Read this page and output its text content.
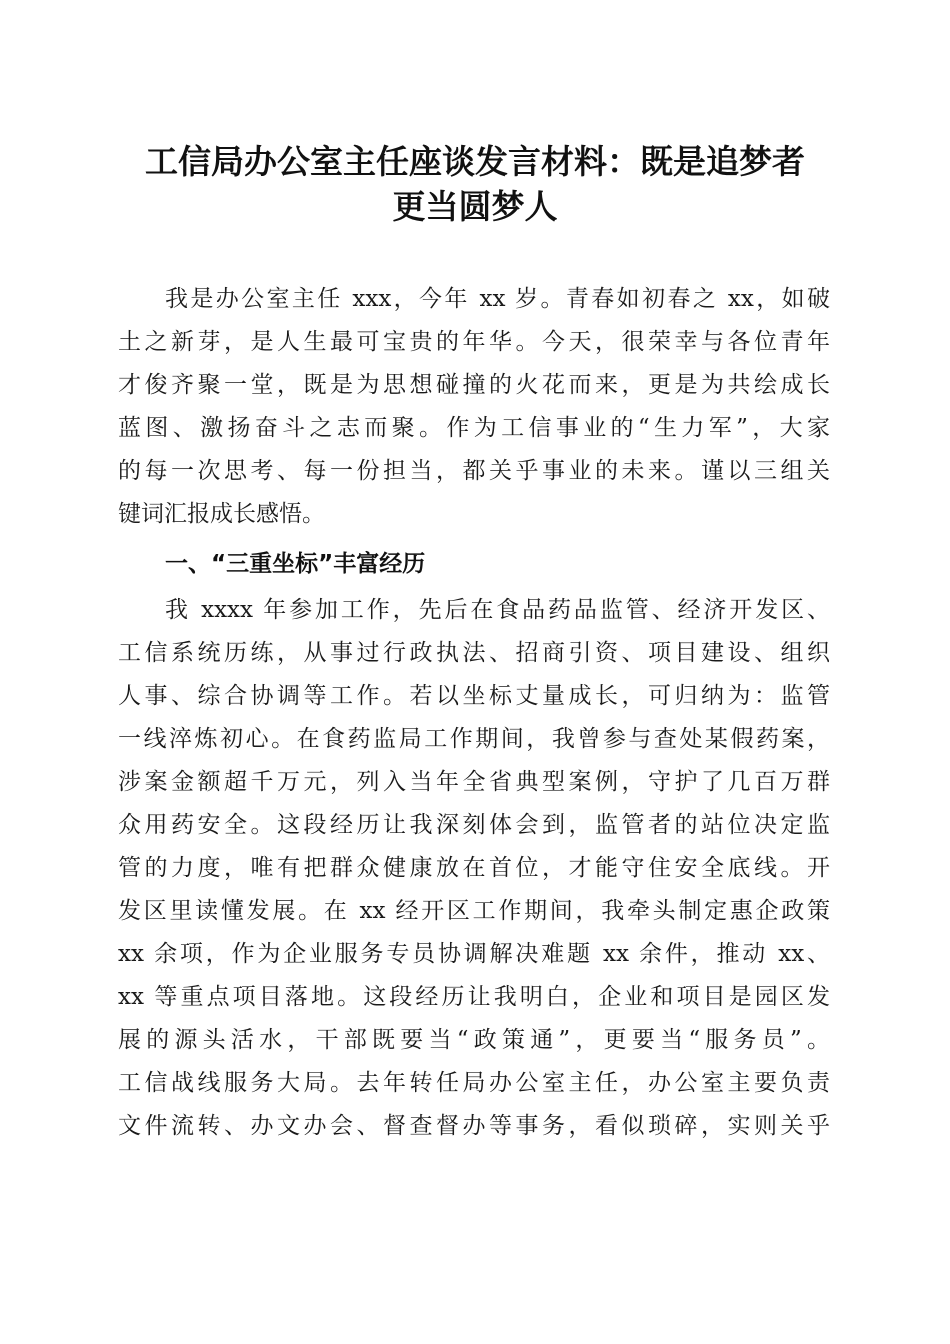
工信局办公室主任座谈发言材料：既是追梦者
更当圆梦人

我是办公室主任 xxx，今年 xx 岁。青春如初春之 xx，如破

土之新芽，是人生最可宝贵的年华。今天，很荣幸与各位青年

才俊齐聚一堂，既是为思想碰撞的火花而来，更是为共绘成长

蓝图、激扬奋斗之志而聚。作为工信事业的“生力军”，大家

的每一次思考、每一份担当，都关乎事业的未来。谨以三组关

键词汇报成长感悟。

一、“三重坐标”丰富经历

我 xxxx 年参加工作，先后在食品药品监管、经济开发区、

工信系统历练，从事过行政执法、招商引资、项目建设、组织

人事、综合协调等工作。若以坐标丈量成长，可归纳为：监管

一线淬炼初心。在食药监局工作期间，我曾参与查处某假药案，

涉案金额超千万元，列入当年全省典型案例，守护了几百万群

众用药安全。这段经历让我深刻体会到，监管者的站位决定监

管的力度，唯有把群众健康放在首位，才能守住安全底线。开

发区里读懂发展。在 xx 经开区工作期间，我牵头制定惠企政策

xx 余项，作为企业服务专员协调解决难题 xx 余件，推动 xx、

xx 等重点项目落地。这段经历让我明白，企业和项目是园区发

展的源头活水，干部既要当“政策通”，更要当“服务员”。

工信战线服务大局。去年转任局办公室主任，办公室主要负责

文件流转、办文办会、督查督办等事务，看似琐碎，实则关乎
